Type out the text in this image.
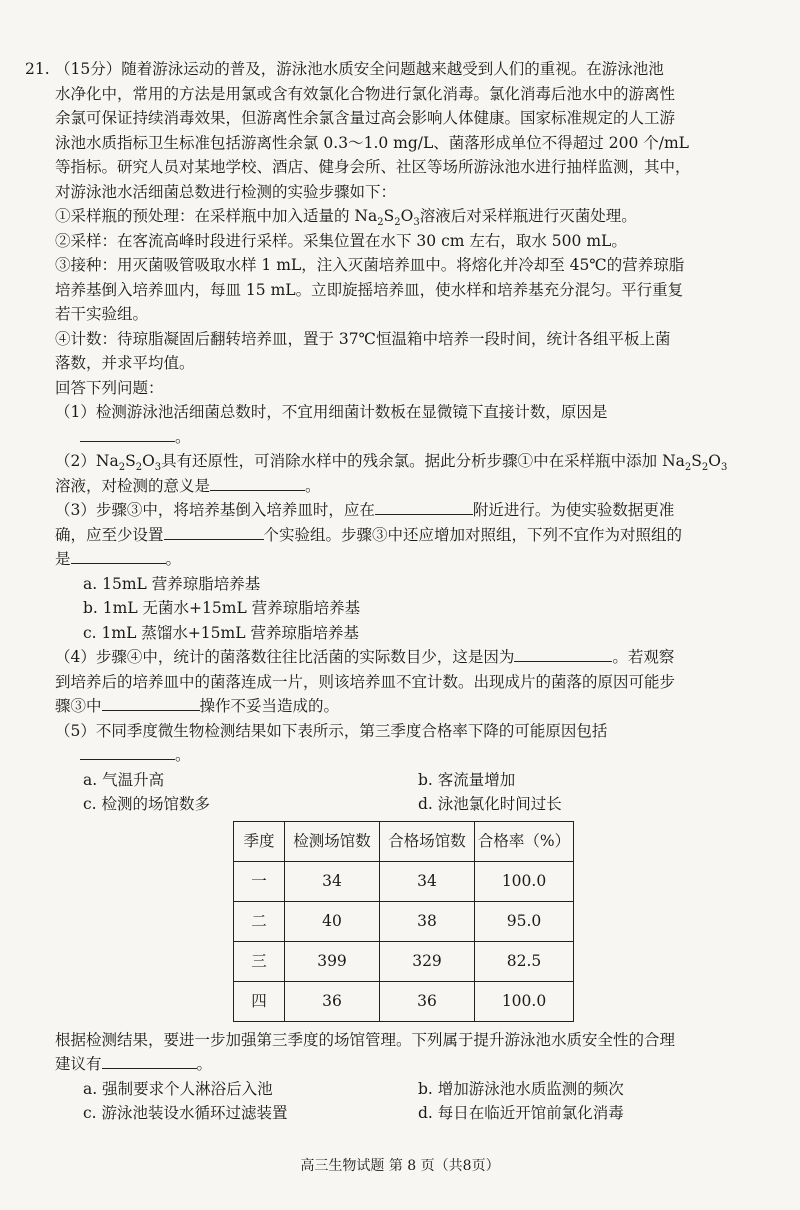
21. （15分）随着游泳运动的普及，游泳池水质安全问题越来越受到人们的重视。在游泳池池
水净化中，常用的方法是用氯或含有效氯化合物进行氯化消毒。氯化消毒后池水中的游离性
余氯可保证持续消毒效果，但游离性余氯含量过高会影响人体健康。国家标准规定的人工游
泳池水质指标卫生标准包括游离性余氯 0.3～1.0 mg/L、菌落形成单位不得超过 200 个/mL
等指标。研究人员对某地学校、酒店、健身会所、社区等场所游泳池水进行抽样监测，其中，
对游泳池水活细菌总数进行检测的实验步骤如下：
①采样瓶的预处理：在采样瓶中加入适量的 $Na_2S_2O_3$溶液后对采样瓶进行灭菌处理。
②采样：在客流高峰时段进行采样。采集位置在水下 30 cm 左右，取水 500 mL。
③接种：用灭菌吸管吸取水样 1 mL，注入灭菌培养皿中。将熔化并冷却至 45℃的营养琼脂
培养基倒入培养皿内，每皿 15 mL。立即旋摇培养皿，使水样和培养基充分混匀。平行重复
若干实验组。
④计数：待琼脂凝固后翻转培养皿，置于 37℃恒温箱中培养一段时间，统计各组平板上菌
落数，并求平均值。
回答下列问题：
（1）检测游泳池活细菌总数时，不宜用细菌计数板在显微镜下直接计数，原因是
。
$(2)Na_2S_2O_3$具有还原性，可消除水样中的残余氯。据此分析步骤①中在采样瓶中添加 $Na_2S_2O_3$
溶液，对检测的意义是	。
（3）步骤③中，将培养基倒入培养皿时，应在	附近进行。为使实验数据更准
确，应至少设置	个实验组。步骤③中还应增加对照组，下列不宜作为对照组的
是	。
a. 15mL 营养琼脂培养基
b. 1mL 无菌水+15mL 营养琼脂培养基
c. 1mL 蒸馏水+15mL 营养琼脂培养基
（4）步骤④中，统计的菌落数往往比活菌的实际数目少，这是因为	。若观察
到培养后的培养皿中的菌落连成一片，则该培养皿不宜计数。出现成片的菌落的原因可能步
骤③中	操作不妥当造成的。
（5）不同季度微生物检测结果如下表所示，第三季度合格率下降的可能原因包括
。
a. 气温升高	b. 客流量增加
c. 检测的场馆数多	d. 泳池氯化时间过长
季度	检测场馆数	合格场馆数	合格率（%）
一	34	34	100.0
二	40	38	95.0
三	399	329	82.5
四	36	36	100.0
根据检测结果，要进一步加强第三季度的场馆管理。下列属于提升游泳池水质安全性的合理
建议有	。
a. 强制要求个人淋浴后入池	b. 增加游泳池水质监测的频次
c. 游泳池装设水循环过滤装置	d. 每日在临近开馆前氯化消毒
高三生物试题 第 8 页（共8页）
